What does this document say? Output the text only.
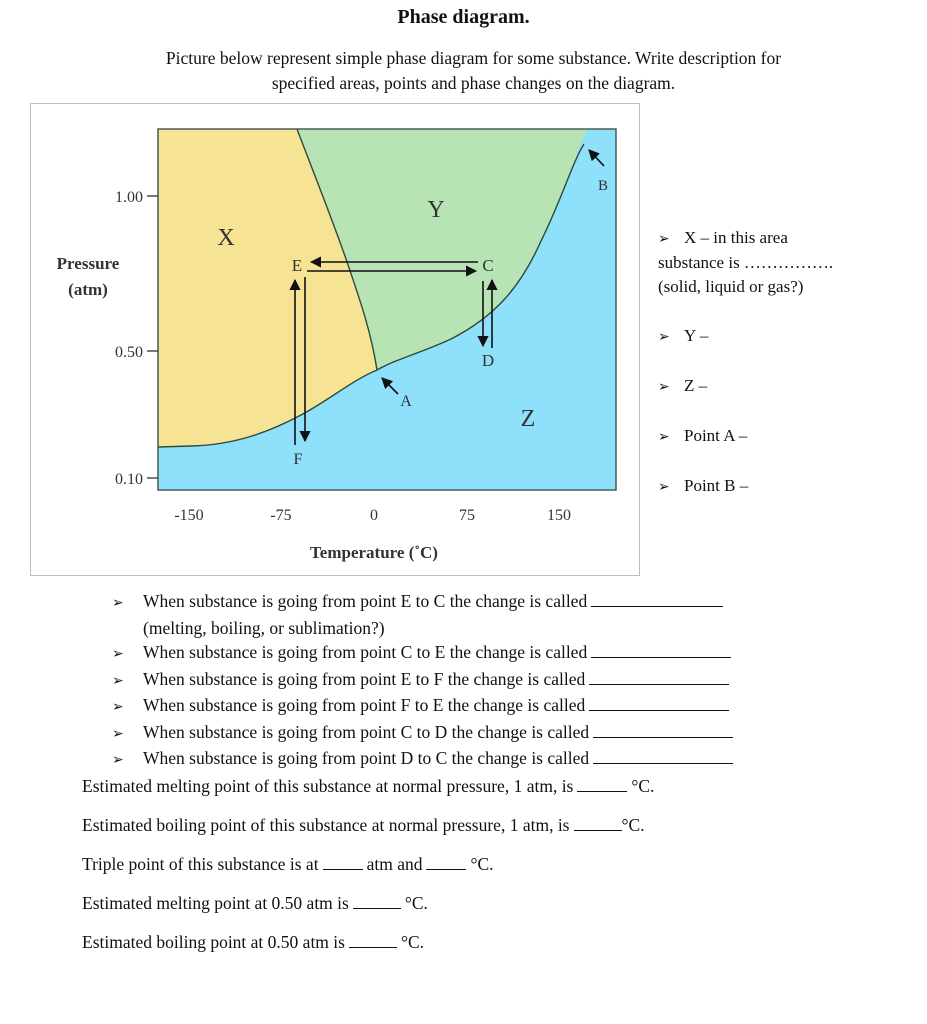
Phase diagram.
Picture below represent simple phase diagram for some substance. Write description for
specified areas, points and phase changes on the diagram.
1.00
0.50
0.10
Pressure
(atm)
-150	-75	0	75	150
Temperature (˚C)
X
Y
Z
E	C
D
F
A
B
➢ X – in this area
substance is …………….
(solid, liquid or gas?)
➢ Y –
➢ Z –
➢ Point A –
➢ Point B –
➢ When substance is going from point E to C the change is called
(melting, boiling, or sublimation?)
➢ When substance is going from point C to E the change is called
➢ When substance is going from point E to F the change is called
➢ When substance is going from point F to E the change is called
➢ When substance is going from point C to D the change is called
➢ When substance is going from point D to C the change is called
Estimated melting point of this substance at normal pressure, 1 atm, is	°C.
Estimated boiling point of this substance at normal pressure, 1 atm, is	°C.
Triple point of this substance is at	atm and	°C.
Estimated melting point at 0.50 atm is	°C.
Estimated boiling point at 0.50 atm is	°C.
